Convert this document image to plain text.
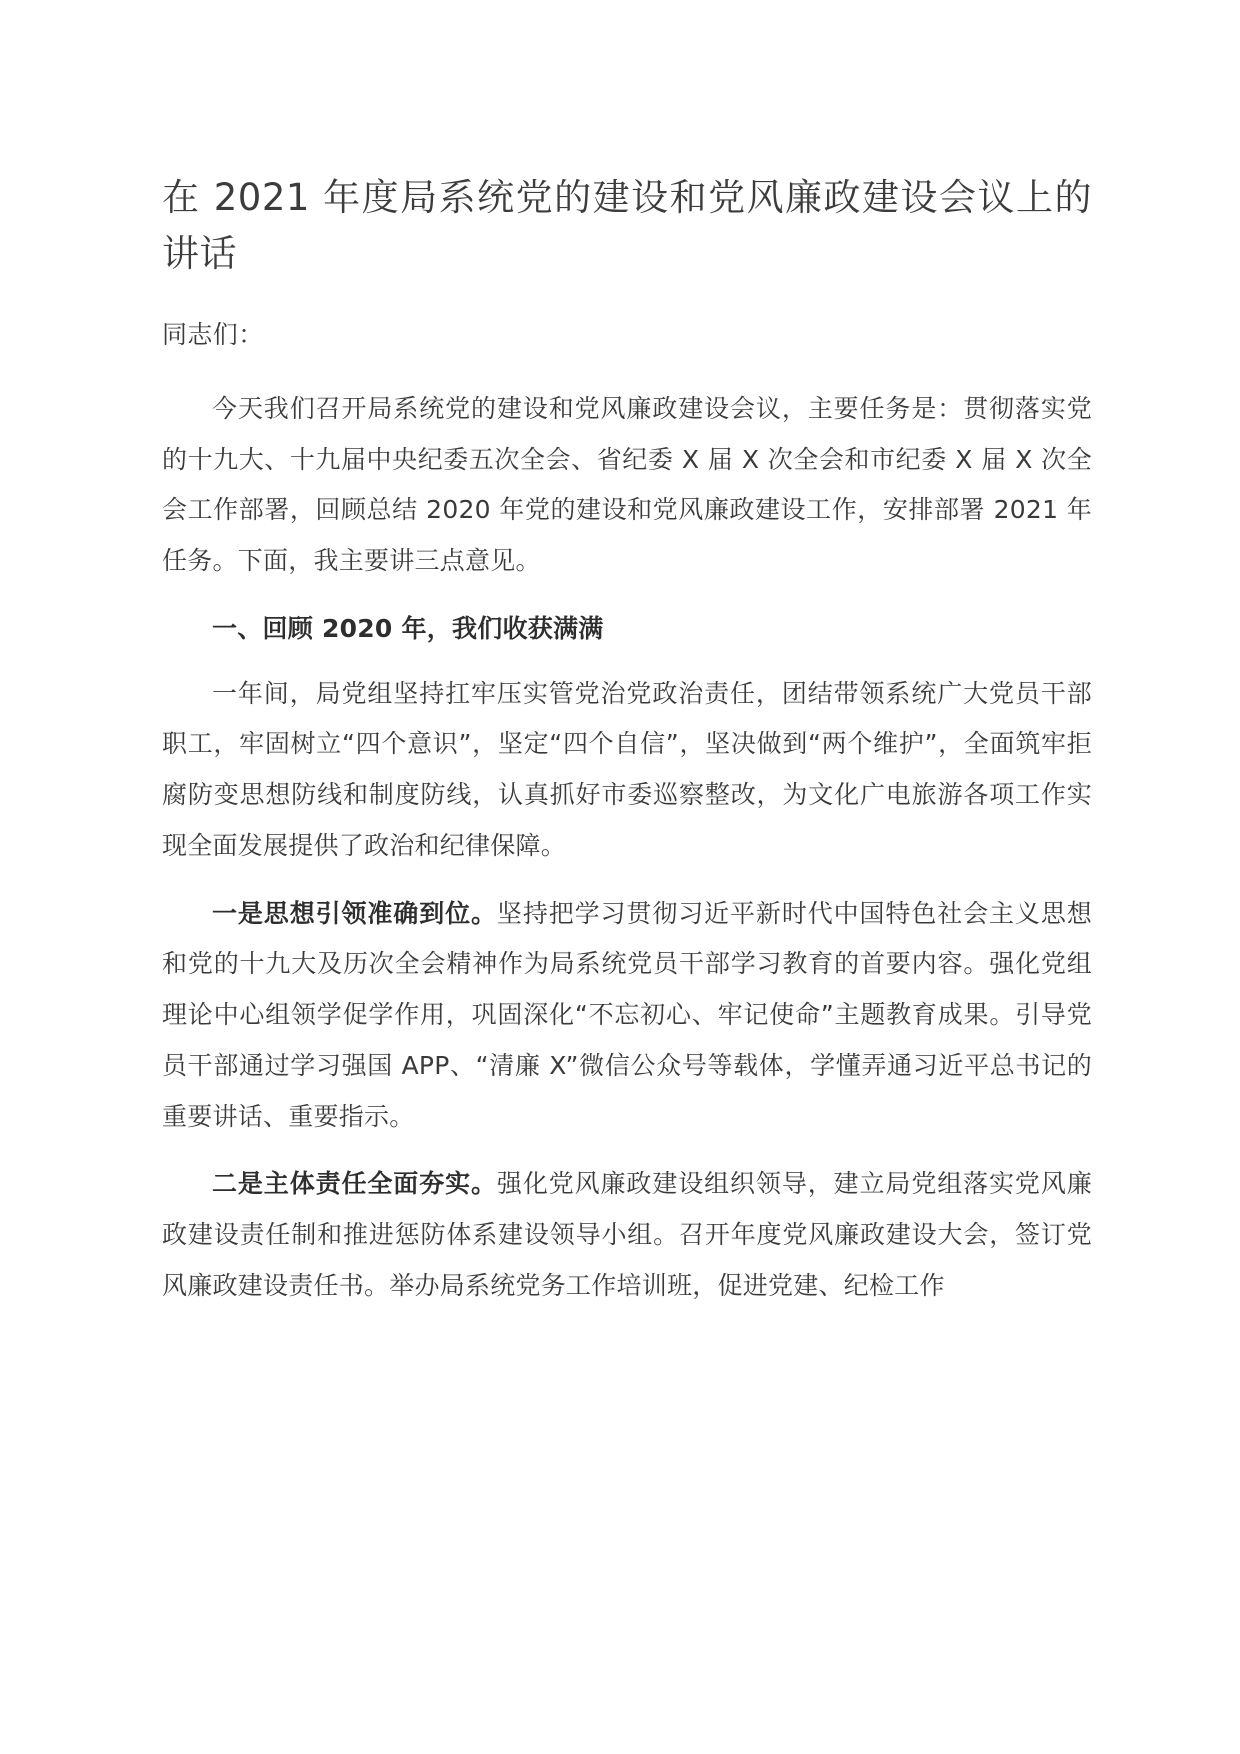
在 2021 年度局系统党的建设和党风廉政建设会议上的讲话

同志们：

今天我们召开局系统党的建设和党风廉政建设会议，主要任务是：贯彻落实党的十九大、十九届中央纪委五次全会、省纪委 X 届 X 次全会和市纪委 X 届 X 次全会工作部署，回顾总结 2020 年党的建设和党风廉政建设工作，安排部署 2021 年任务。下面，我主要讲三点意见。

一、回顾 2020 年，我们收获满满

一年间，局党组坚持扛牢压实管党治党政治责任，团结带领系统广大党员干部职工，牢固树立“四个意识”，坚定“四个自信”，坚决做到“两个维护”，全面筑牢拒腐防变思想防线和制度防线，认真抓好市委巡察整改，为文化广电旅游各项工作实现全面发展提供了政治和纪律保障。

一是思想引领准确到位。坚持把学习贯彻习近平新时代中国特色社会主义思想和党的十九大及历次全会精神作为局系统党员干部学习教育的首要内容。强化党组理论中心组领学促学作用，巩固深化“不忘初心、牢记使命”主题教育成果。引导党员干部通过学习强国 APP、“清廉 X”微信公众号等载体，学懂弄通习近平总书记的重要讲话、重要指示。

二是主体责任全面夯实。强化党风廉政建设组织领导，建立局党组落实党风廉政建设责任制和推进惩防体系建设领导小组。召开年度党风廉政建设大会，签订党风廉政建设责任书。举办局系统党务工作培训班，促进党建、纪检工作
